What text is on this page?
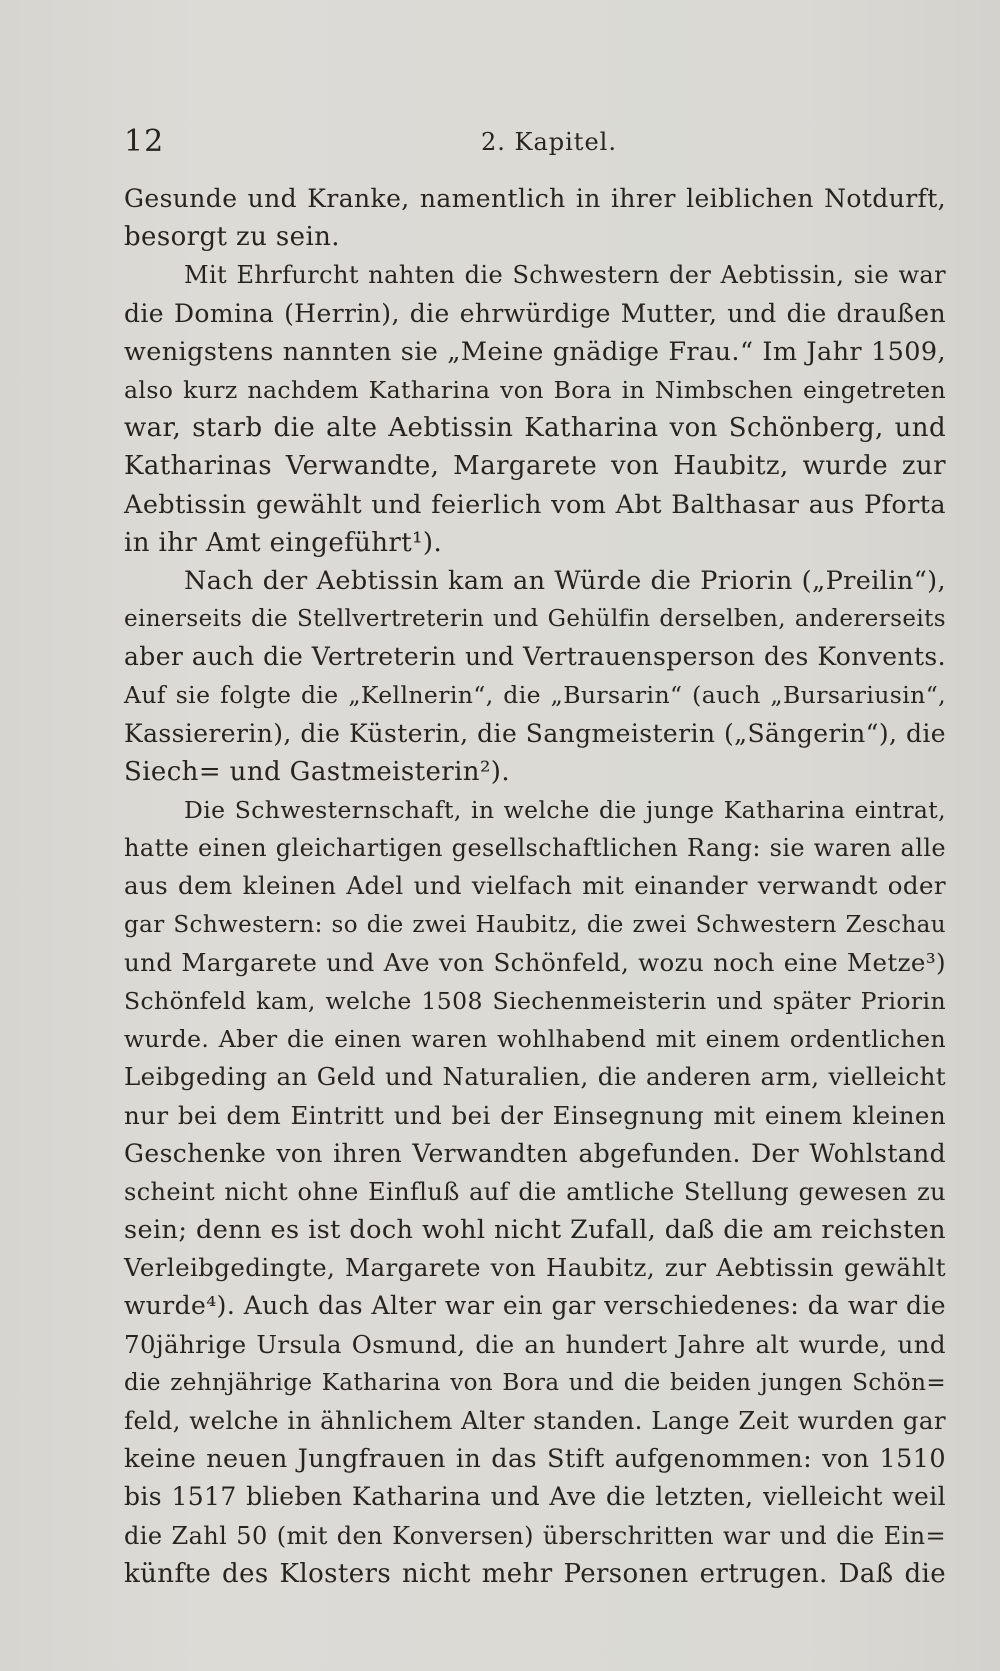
12	2. Kapitel.
Gesunde und Kranke, namentlich in ihrer leiblichen Notdurft,
besorgt zu sein.
Mit Ehrfurcht nahten die Schwestern der Aebtissin, sie war
die Domina (Herrin), die ehrwürdige Mutter, und die draußen
wenigstens nannten sie „Meine gnädige Frau.“ Im Jahr 1509,
also kurz nachdem Katharina von Bora in Nimbschen eingetreten
war, starb die alte Aebtissin Katharina von Schönberg, und
Katharinas Verwandte, Margarete von Haubitz, wurde zur
Aebtissin gewählt und feierlich vom Abt Balthasar aus Pforta
in ihr Amt eingeführt¹).
Nach der Aebtissin kam an Würde die Priorin („Preilin“),
einerseits die Stellvertreterin und Gehülfin derselben, andererseits
aber auch die Vertreterin und Vertrauensperson des Konvents.
Auf sie folgte die „Kellnerin“, die „Bursarin“ (auch „Bursariusin“,
Kassiererin), die Küsterin, die Sangmeisterin („Sängerin“), die
Siech= und Gastmeisterin²).
Die Schwesternschaft, in welche die junge Katharina eintrat,
hatte einen gleichartigen gesellschaftlichen Rang: sie waren alle
aus dem kleinen Adel und vielfach mit einander verwandt oder
gar Schwestern: so die zwei Haubitz, die zwei Schwestern Zeschau
und Margarete und Ave von Schönfeld, wozu noch eine Metze³)
Schönfeld kam, welche 1508 Siechenmeisterin und später Priorin
wurde. Aber die einen waren wohlhabend mit einem ordentlichen
Leibgeding an Geld und Naturalien, die anderen arm, vielleicht
nur bei dem Eintritt und bei der Einsegnung mit einem kleinen
Geschenke von ihren Verwandten abgefunden. Der Wohlstand
scheint nicht ohne Einfluß auf die amtliche Stellung gewesen zu
sein; denn es ist doch wohl nicht Zufall, daß die am reichsten
Verleibgedingte, Margarete von Haubitz, zur Aebtissin gewählt
wurde⁴). Auch das Alter war ein gar verschiedenes: da war die
70jährige Ursula Osmund, die an hundert Jahre alt wurde, und
die zehnjährige Katharina von Bora und die beiden jungen Schön=
feld, welche in ähnlichem Alter standen. Lange Zeit wurden gar
keine neuen Jungfrauen in das Stift aufgenommen: von 1510
bis 1517 blieben Katharina und Ave die letzten, vielleicht weil
die Zahl 50 (mit den Konversen) überschritten war und die Ein=
künfte des Klosters nicht mehr Personen ertrugen. Daß die
